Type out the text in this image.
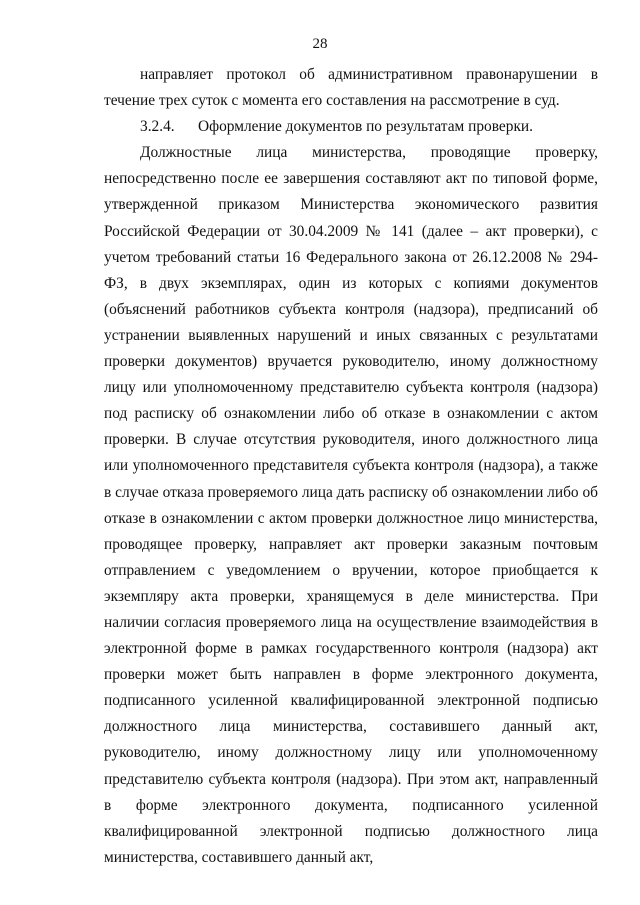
28

направляет протокол об административном правонарушении в течение трех суток с момента его составления на рассмотрение в суд.

3.2.4. Оформление документов по результатам проверки.

Должностные лица министерства, проводящие проверку, непосредственно после ее завершения составляют акт по типовой форме, утвержденной приказом Министерства экономического развития Российской Федерации от 30.04.2009 № 141 (далее – акт проверки), с учетом требований статьи 16 Федерального закона от 26.12.2008 № 294-ФЗ, в двух экземплярах, один из которых с копиями документов (объяснений работников субъекта контроля (надзора), предписаний об устранении выявленных нарушений и иных связанных с результатами проверки документов) вручается руководителю, иному должностному лицу или уполномоченному представителю субъекта контроля (надзора) под расписку об ознакомлении либо об отказе в ознакомлении с актом проверки. В случае отсутствия руководителя, иного должностного лица или уполномоченного представителя субъекта контроля (надзора), а также в случае отказа проверяемого лица дать расписку об ознакомлении либо об отказе в ознакомлении с актом проверки должностное лицо министерства, проводящее проверку, направляет акт проверки заказным почтовым отправлением с уведомлением о вручении, которое приобщается к экземпляру акта проверки, хранящемуся в деле министерства. При наличии согласия проверяемого лица на осуществление взаимодействия в электронной форме в рамках государственного контроля (надзора) акт проверки может быть направлен в форме электронного документа, подписанного усиленной квалифицированной электронной подписью должностного лица министерства, составившего данный акт, руководителю, иному должностному лицу или уполномоченному представителю субъекта контроля (надзора). При этом акт, направленный в форме электронного документа, подписанного усиленной квалифицированной электронной подписью должностного лица министерства, составившего данный акт,
